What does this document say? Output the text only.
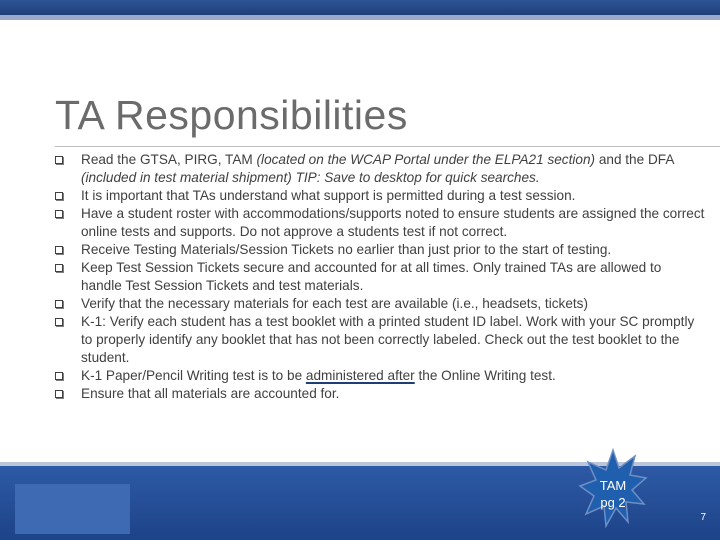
TA Responsibilities
Read the GTSA, PIRG, TAM (located on the WCAP Portal under the ELPA21 section) and the DFA (included in test material shipment) TIP: Save to desktop for quick searches.
It is important that TAs understand what support is permitted during a test session.
Have a student roster with accommodations/supports noted to ensure students are assigned the correct online tests and supports. Do not approve a students test if not correct.
Receive Testing Materials/Session Tickets no earlier than just prior to the start of testing.
Keep Test Session Tickets secure and accounted for at all times. Only trained TAs are allowed to handle Test Session Tickets and test materials.
Verify that the necessary materials for each test are available (i.e., headsets, tickets)
K-1: Verify each student has a test booklet with a printed student ID label. Work with your SC promptly to properly identify any booklet that has not been correctly labeled. Check out the test booklet to the student.
K-1 Paper/Pencil Writing test is to be administered after the Online Writing test.
Ensure that all materials are accounted for.
TAM
pg 2
7
